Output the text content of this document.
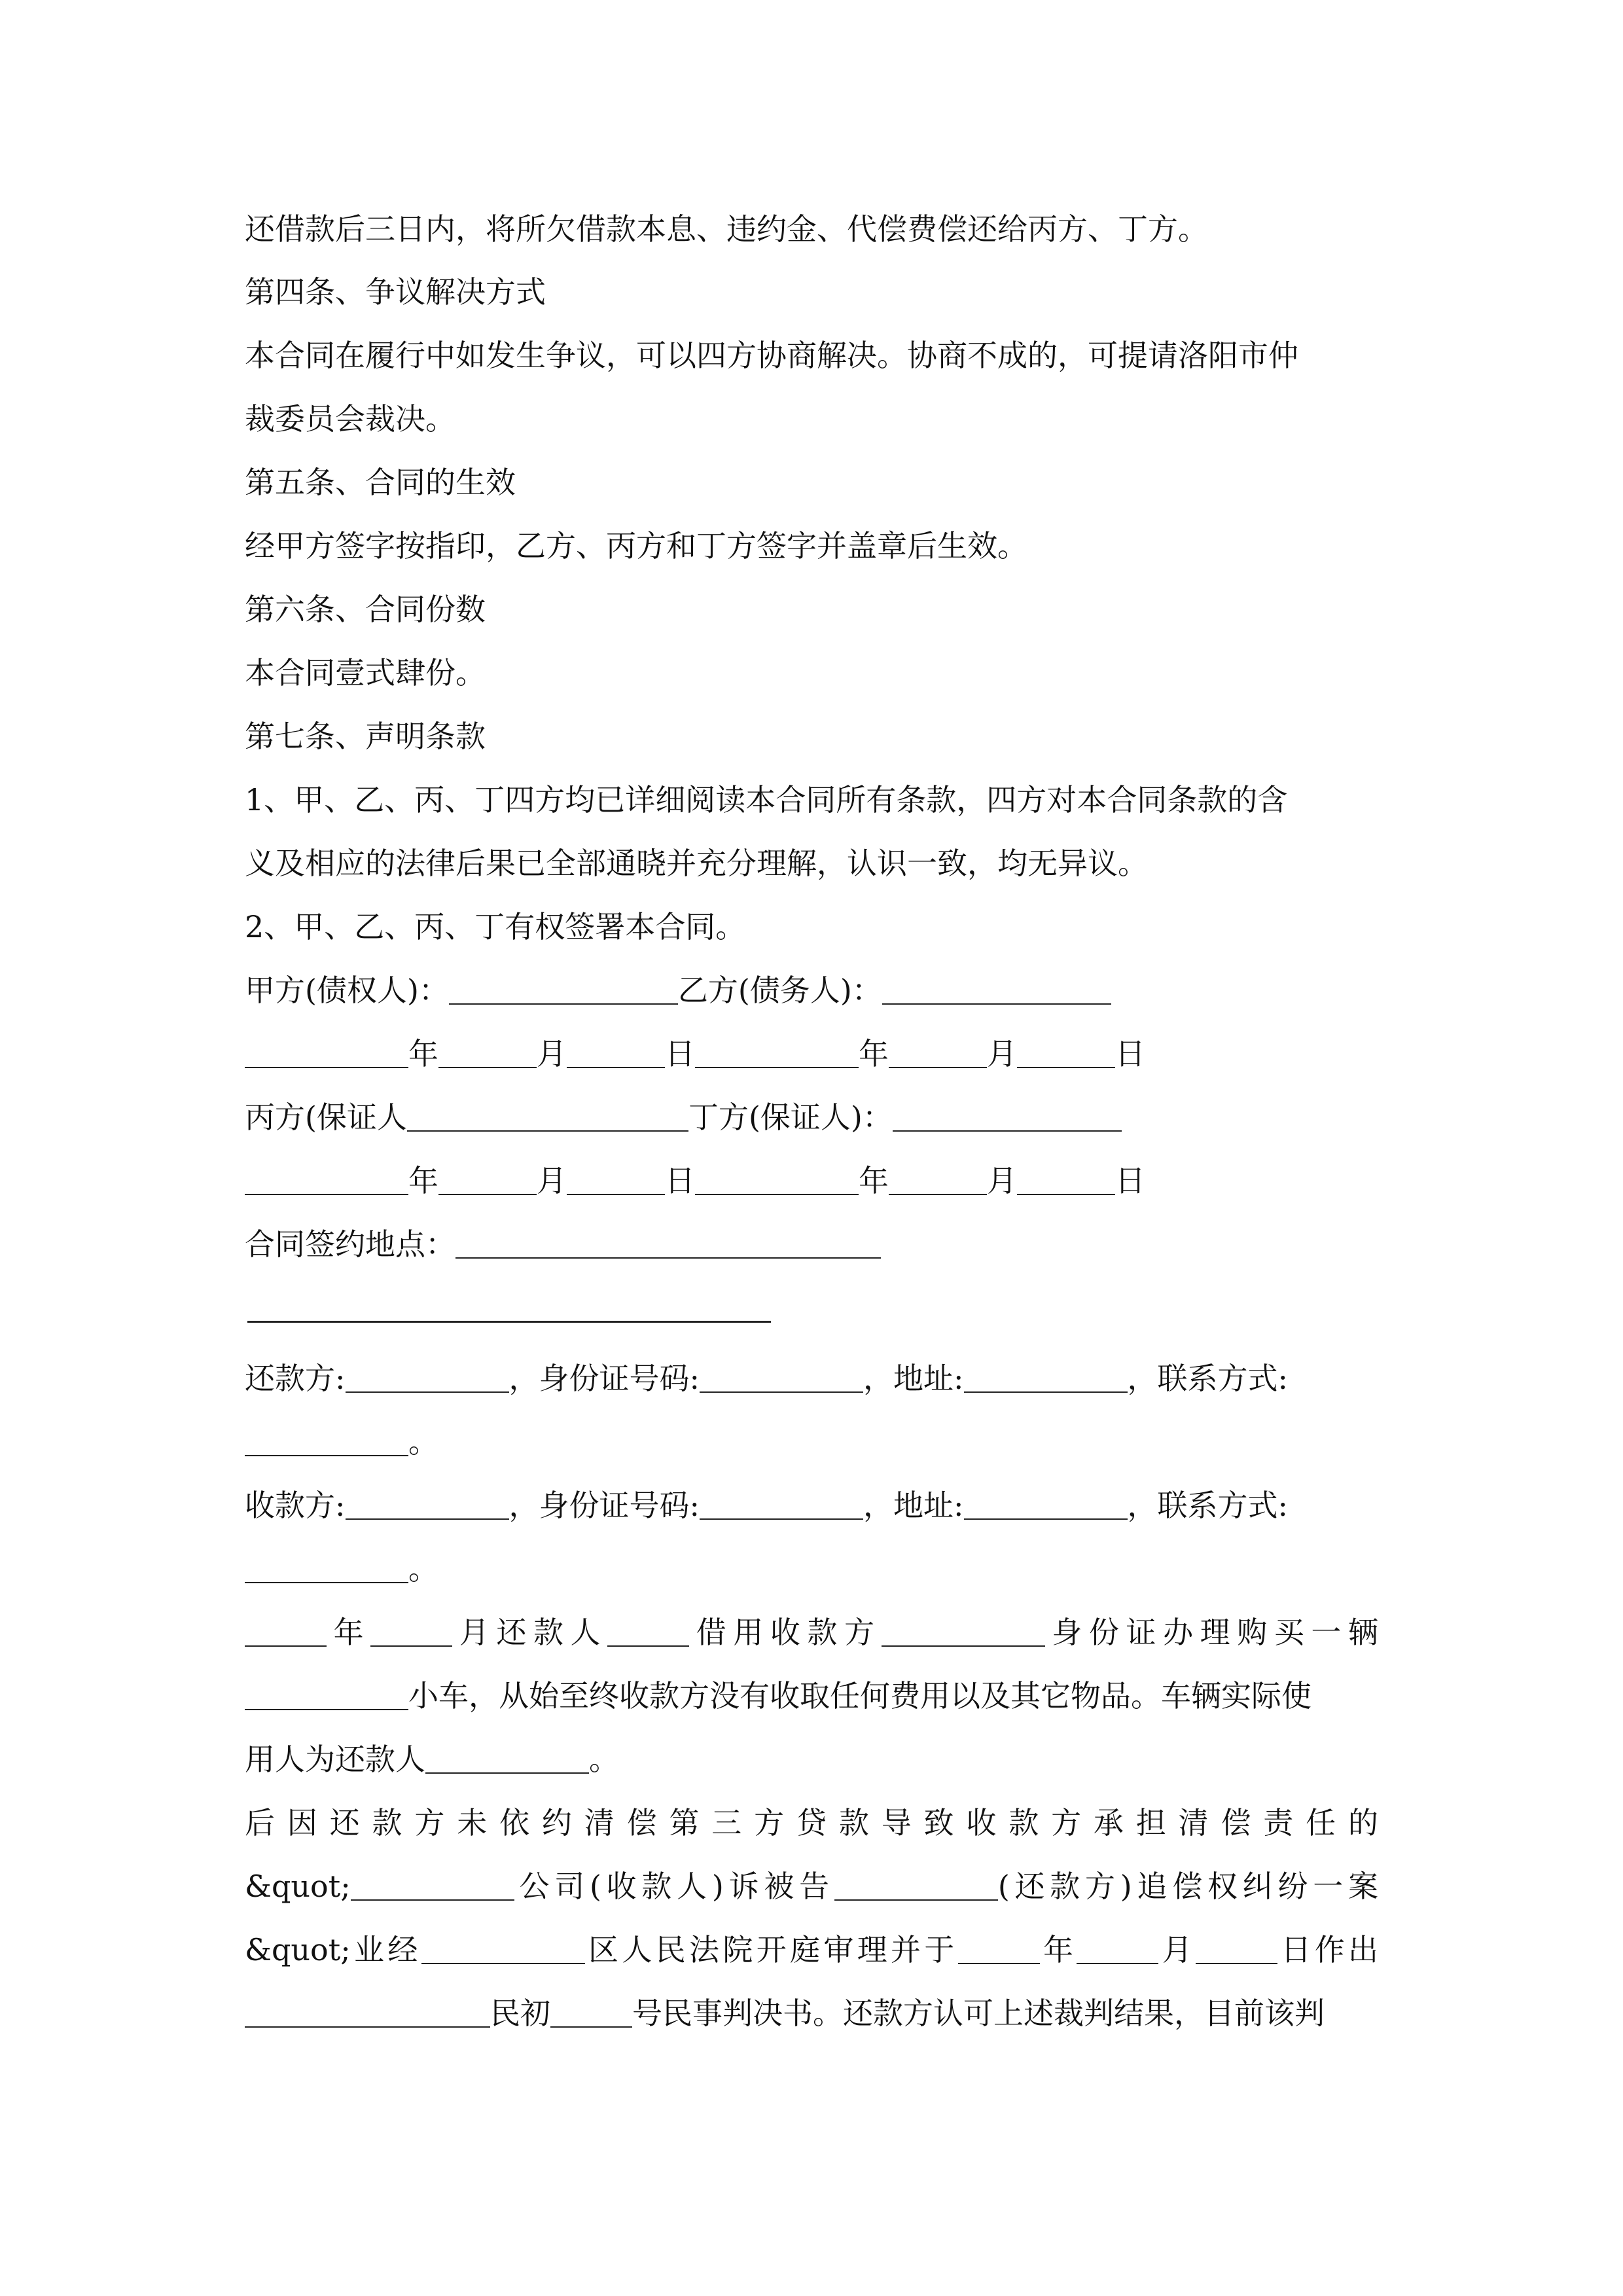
还借款后三日内，将所欠借款本息、违约金、代偿费偿还给丙方、丁方。
第四条、争议解决方式
本合同在履行中如发生争议，可以四方协商解决。协商不成的，可提请洛阳市仲
裁委员会裁决。
第五条、合同的生效
经甲方签字按指印，乙方、丙方和丁方签字并盖章后生效。
第六条、合同份数
本合同壹式肆份。
第七条、声明条款
1、甲、乙、丙、丁四方均已详细阅读本合同所有条款，四方对本合同条款的含
义及相应的法律后果已全部通晓并充分理解，认识一致，均无异议。
2、甲、乙、丙、丁有权签署本合同。
甲方(债权人)：	乙方(债务人)：
年	月	日	年	月	日
丙方(保证人	丁方(保证人)：
年	月	日	年	月	日
合同签约地点：
还款方:	，身份证号码:	，地址:	，联系方式:
。
收款方:	，身份证号码:	，地址:	，联系方式:
。
年	月还款人	借用收款方	身份证办理购买一辆
小车，从始至终收款方没有收取任何费用以及其它物品。车辆实际使
用人为还款人	。
后因还款方未依约清偿第三方贷款导致收款方承担清偿责任的
&quot;	公司(收款人)诉被告	(还款方)追偿权纠纷一案
&quot;业经	区人民法院开庭审理并于	年	月	日作出
民初	号民事判决书。还款方认可上述裁判结果，目前该判
